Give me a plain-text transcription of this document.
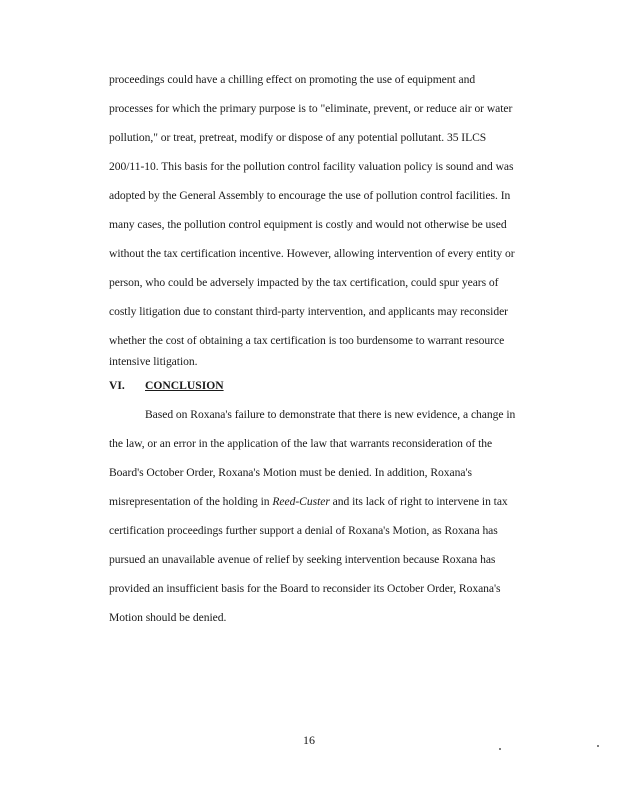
proceedings could have a chilling effect on promoting the use of equipment and
processes for which the primary purpose is to "eliminate, prevent, or reduce air or water
pollution," or treat, pretreat, modify or dispose of any potential pollutant. 35 ILCS
200/11-10. This basis for the pollution control facility valuation policy is sound and was
adopted by the General Assembly to encourage the use of pollution control facilities. In
many cases, the pollution control equipment is costly and would not otherwise be used
without the tax certification incentive. However, allowing intervention of every entity or
person, who could be adversely impacted by the tax certification, could spur years of
costly litigation due to constant third-party intervention, and applicants may reconsider
whether the cost of obtaining a tax certification is too burdensome to warrant resource
intensive litigation.
VI. CONCLUSION
Based on Roxana's failure to demonstrate that there is new evidence, a change in
the law, or an error in the application of the law that warrants reconsideration of the
Board's October Order, Roxana's Motion must be denied. In addition, Roxana's
misrepresentation of the holding in Reed-Custer and its lack of right to intervene in tax
certification proceedings further support a denial of Roxana's Motion, as Roxana has
pursued an unavailable avenue of relief by seeking intervention because Roxana has
provided an insufficient basis for the Board to reconsider its October Order, Roxana's
Motion should be denied.
16
